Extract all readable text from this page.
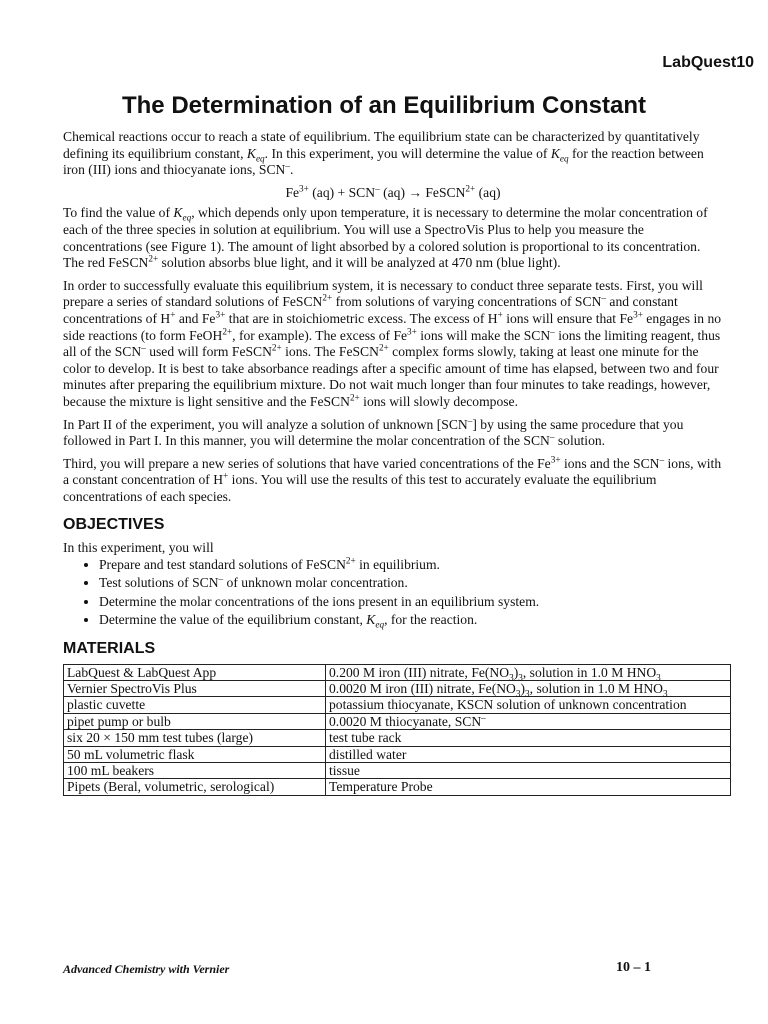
LabQuest10
The Determination of an Equilibrium Constant

Chemical reactions occur to reach a state of equilibrium. The equilibrium state can be characterized by quantitatively defining its equilibrium constant, $K_{eq}$. In this experiment, you will determine the value of $K_{eq}$ for the reaction between iron (III) ions and thiocyanate ions, SCN–.

$Fe^{3+}$ (aq) + SCN– (aq) → FeSCN$^{2+}$ (aq)

To find the value of $K_{eq}$, which depends only upon temperature, it is necessary to determine the molar concentration of each of the three species in solution at equilibrium. You will use a SpectroVis Plus to help you measure the concentrations (see Figure 1). The amount of light absorbed by a colored solution is proportional to its concentration. The red FeSCN$^{2+}$ solution absorbs blue light, and it will be analyzed at 470 nm (blue light).

In order to successfully evaluate this equilibrium system, it is necessary to conduct three separate tests. First, you will prepare a series of standard solutions of FeSCN$^{2+}$ from solutions of varying concentrations of SCN– and constant concentrations of H+ and $Fe^{3+}$ that are in stoichiometric excess. The excess of H+ ions will ensure that $Fe^{3+}$ engages in no side reactions (to form FeOH$^{2+}$, for example). The excess of $Fe^{3+}$ ions will make the SCN– ions the limiting reagent, thus all of the SCN– used will form FeSCN$^{2+}$ ions. The FeSCN$^{2+}$ complex forms slowly, taking at least one minute for the color to develop. It is best to take absorbance readings after a specific amount of time has elapsed, between two and four minutes after preparing the equilibrium mixture. Do not wait much longer than four minutes to take readings, however, because the mixture is light sensitive and the FeSCN$^{2+}$ ions will slowly decompose.

In Part II of the experiment, you will analyze a solution of unknown [SCN–] by using the same procedure that you followed in Part I. In this manner, you will determine the molar concentration of the SCN– solution.

Third, you will prepare a new series of solutions that have varied concentrations of the $Fe^{3+}$ ions and the SCN– ions, with a constant concentration of H+ ions. You will use the results of this test to accurately evaluate the equilibrium concentrations of each species.

OBJECTIVES

In this experiment, you will

• Prepare and test standard solutions of FeSCN$^{2+}$ in equilibrium.
• Test solutions of SCN– of unknown molar concentration.
• Determine the molar concentrations of the ions present in an equilibrium system.
• Determine the value of the equilibrium constant, $K_{eq}$, for the reaction.
MATERIALS
LabQuest & LabQuest App	0.200 M iron (III) nitrate, $Fe(NO_3)_3$, solution in 1.0 M $HNO_3$
Vernier SpectroVis Plus	0.0020 M iron (III) nitrate, $Fe(NO_3)_3$, solution in 1.0 M $HNO_3$
plastic cuvette	potassium thiocyanate, KSCN solution of unknown concentration
pipet pump or bulb	0.0020 M thiocyanate, SCN–
six 20 × 150 mm test tubes (large)	test tube rack
50 mL volumetric flask	distilled water
100 mL beakers	tissue
Pipets (Beral, volumetric, serological)	Temperature Probe
Advanced Chemistry with Vernier	10 – 1
